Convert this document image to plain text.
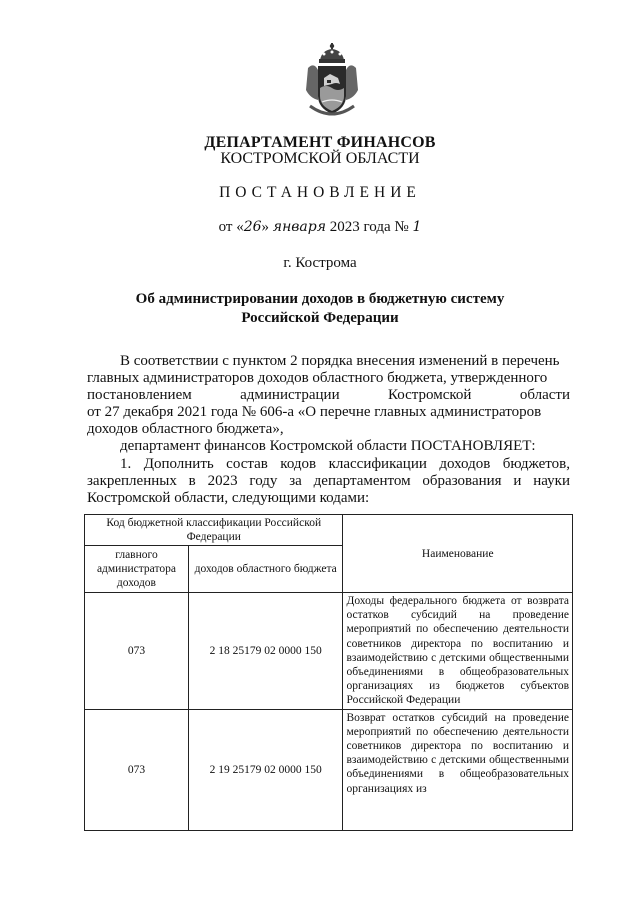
ДЕПАРТАМЕНТ ФИНАНСОВ
КОСТРОМСКОЙ ОБЛАСТИ
ПОСТАНОВЛЕНИЕ
от «26» января 2023 года № 1
г. Кострома
Об администрировании доходов в бюджетную систему
Российской Федерации
В соответствии с пунктом 2 порядка внесения изменений в перечень
главных администраторов доходов областного бюджета, утвержденного
постановлением	администрации	Костромской	области
от 27 декабря 2021 года № 606-а «О перечне главных администраторов
доходов областного бюджета»,
департамент финансов Костромской области ПОСТАНОВЛЯЕТ:
1. Дополнить состав кодов классификации доходов бюджетов, закрепленных в 2023 году за департаментом образования и науки Костромской области, следующими кодами:
Код бюджетной классификации Российской Федерации		Наименование
главного администратора доходов	доходов областного бюджета	
073	2 18 25179 02 0000 150	Доходы федерального бюджета от возврата остатков субсидий на проведение мероприятий по обеспечению деятельности советников директора по воспитанию и взаимодействию с детскими общественными объединениями в общеобразовательных организациях из бюджетов субъектов Российской Федерации
073	2 19 25179 02 0000 150	Возврат остатков субсидий на проведение мероприятий по обеспечению деятельности советников директора по воспитанию и взаимодействию с детскими общественными объединениями в общеобразовательных организациях из
